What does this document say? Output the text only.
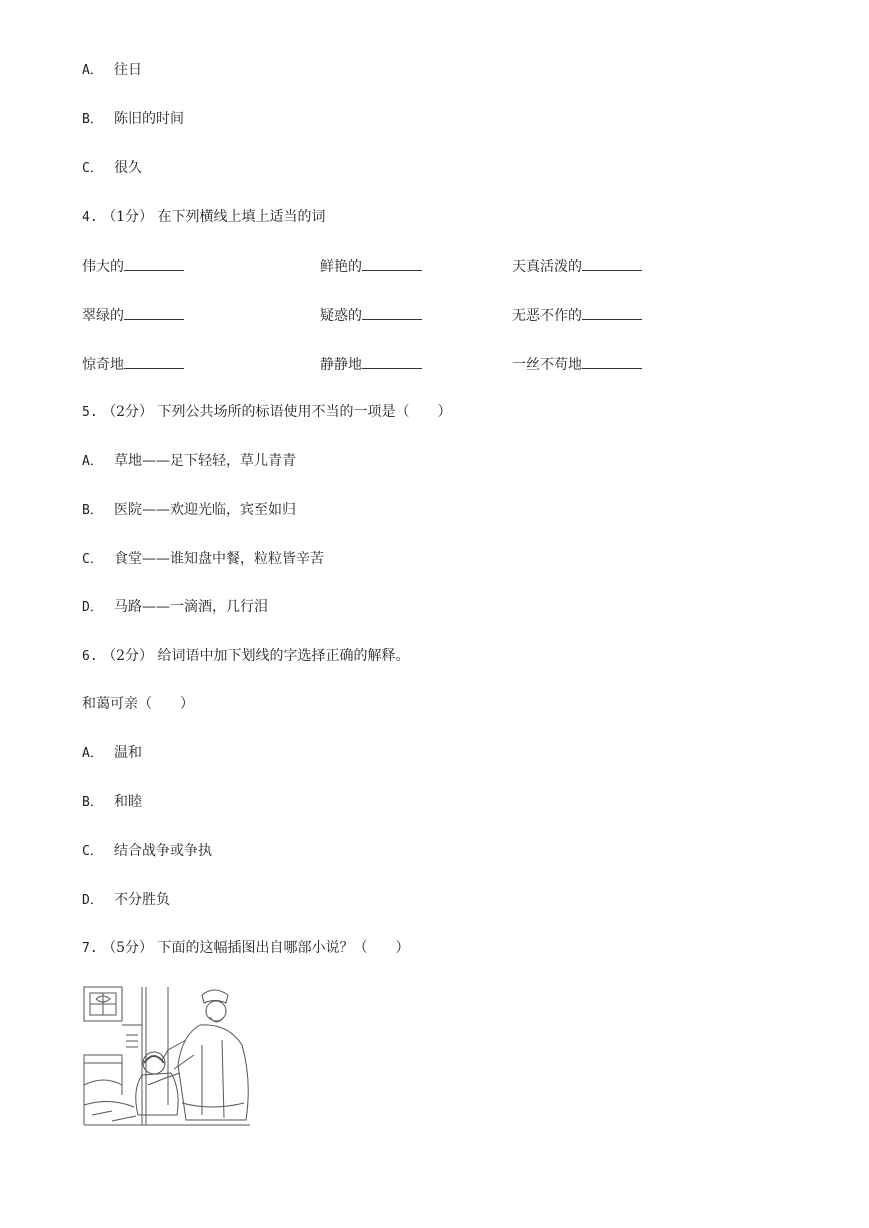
A． 往日
B． 陈旧的时间
C． 很久
4. （1分） 在下列横线上填上适当的词
伟大的	鲜艳的	天真活泼的
翠绿的	疑惑的	无恶不作的
惊奇地	静静地	一丝不苟地
5. （2分） 下列公共场所的标语使用不当的一项是（　　）
A． 草地——足下轻轻，草儿青青
B． 医院——欢迎光临，宾至如归
C． 食堂——谁知盘中餐，粒粒皆辛苦
D． 马路——一滴酒，几行泪
6. （2分） 给词语中加下划线的字选择正确的解释。
和蔼可亲（　　）
A． 温和
B． 和睦
C． 结合战争或争执
D． 不分胜负
7. （5分） 下面的这幅插图出自哪部小说？（　　）
